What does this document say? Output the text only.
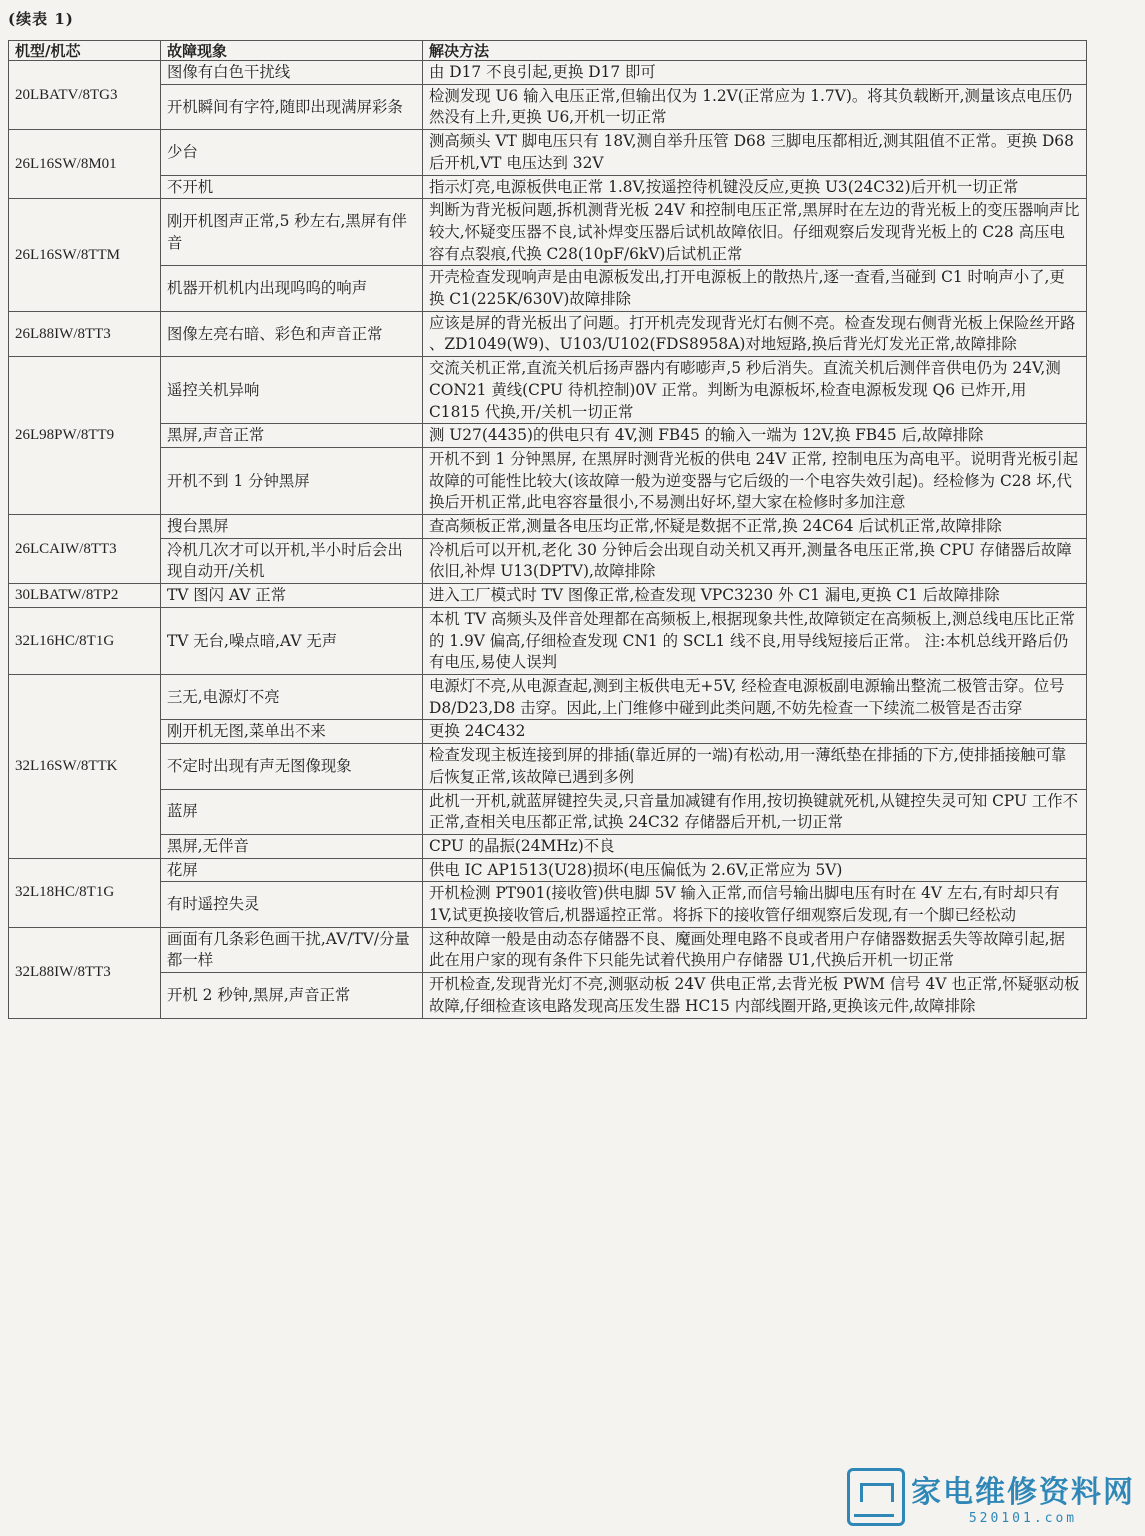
(续表 1)
机型/机芯	故障现象	解决方法
20LBATV/8TG3	图像有白色干扰线	由 D17 不良引起,更换 D17 即可
	开机瞬间有字符,随即出现满屏彩条	检测发现 U6 输入电压正常,但输出仅为 1.2V(正常应为 1.7V)。将其负载断开,测量该点电压仍然没有上升,更换 U6,开机一切正常
26L16SW/8M01	少台	测高频头 VT 脚电压只有 18V,测自举升压管 D68 三脚电压都相近,测其阻值不正常。更换 D68 后开机,VT 电压达到 32V
	不开机	指示灯亮,电源板供电正常 1.8V,按遥控待机键没反应,更换 U3(24C32)后开机一切正常
26L16SW/8TTM	刚开机图声正常,5 秒左右,黑屏有伴音	判断为背光板问题,拆机测背光板 24V 和控制电压正常,黑屏时在左边的背光板上的变压器响声比较大,怀疑变压器不良,试补焊变压器后试机故障依旧。仔细观察后发现背光板上的 C28 高压电容有点裂痕,代换 C28(10pF/6kV)后试机正常
	机器开机机内出现呜呜的响声	开壳检查发现响声是由电源板发出,打开电源板上的散热片,逐一查看,当碰到 C1 时响声小了,更换 C1(225K/630V)故障排除
26L88IW/8TT3	图像左亮右暗、彩色和声音正常	应该是屏的背光板出了问题。打开机壳发现背光灯右侧不亮。检查发现右侧背光板上保险丝开路 、ZD1049(W9)、U103/U102(FDS8958A)对地短路,换后背光灯发光正常,故障排除
26L98PW/8TT9	遥控关机异响	交流关机正常,直流关机后扬声器内有嘭嘭声,5 秒后消失。直流关机后测伴音供电仍为 24V,测 CON21 黄线(CPU 待机控制)0V 正常。判断为电源板坏,检查电源板发现 Q6 已炸开,用 C1815 代换,开/关机一切正常
	黑屏,声音正常	测 U27(4435)的供电只有 4V,测 FB45 的输入一端为 12V,换 FB45 后,故障排除
	开机不到 1 分钟黑屏	开机不到 1 分钟黑屏, 在黑屏时测背光板的供电 24V 正常, 控制电压为高电平。说明背光板引起故障的可能性比较大(该故障一般为逆变器与它后级的一个电容失效引起)。经检修为 C28 坏,代换后开机正常,此电容容量很小,不易测出好坏,望大家在检修时多加注意
26LCAIW/8TT3	搜台黑屏	查高频板正常,测量各电压均正常,怀疑是数据不正常,换 24C64 后试机正常,故障排除
	冷机几次才可以开机,半小时后会出现自动开/关机	冷机后可以开机,老化 30 分钟后会出现自动关机又再开,测量各电压正常,换 CPU 存储器后故障依旧,补焊 U13(DPTV),故障排除
30LBATW/8TP2	TV 图闪 AV 正常	进入工厂模式时 TV 图像正常,检查发现 VPC3230 外 C1 漏电,更换 C1 后故障排除
32L16HC/8T1G	TV 无台,噪点暗,AV 无声	本机 TV 高频头及伴音处理都在高频板上,根据现象共性,故障锁定在高频板上,测总线电压比正常的 1.9V 偏高,仔细检查发现 CN1 的 SCL1 线不良,用导线短接后正常。 注:本机总线开路后仍有电压,易使人误判
32L16SW/8TTK	三无,电源灯不亮	电源灯不亮,从电源查起,测到主板供电无+5V, 经检查电源板副电源输出整流二极管击穿。位号 D8/D23,D8 击穿。因此,上门维修中碰到此类问题,不妨先检查一下续流二极管是否击穿
	刚开机无图,菜单出不来	更换 24C432
	不定时出现有声无图像现象	检查发现主板连接到屏的排插(靠近屏的一端)有松动,用一薄纸垫在排插的下方,使排插接触可靠后恢复正常,该故障已遇到多例
	蓝屏	此机一开机,就蓝屏键控失灵,只音量加减键有作用,按切换键就死机,从键控失灵可知 CPU 工作不正常,查相关电压都正常,试换 24C32 存储器后开机,一切正常
	黑屏,无伴音	CPU 的晶振(24MHz)不良
32L18HC/8T1G	花屏	供电 IC AP1513(U28)损坏(电压偏低为 2.6V,正常应为 5V)
	有时遥控失灵	开机检测 PT901(接收管)供电脚 5V 输入正常,而信号输出脚电压有时在 4V 左右,有时却只有 1V,试更换接收管后,机器遥控正常。将拆下的接收管仔细观察后发现,有一个脚已经松动
32L88IW/8TT3	画面有几条彩色画干扰,AV/TV/分量都一样	这种故障一般是由动态存储器不良、魔画处理电路不良或者用户存储器数据丢失等故障引起,据此在用户家的现有条件下只能先试着代换用户存储器 U1,代换后开机一切正常
	开机 2 秒钟,黑屏,声音正常	开机检查,发现背光灯不亮,测驱动板 24V 供电正常,去背光板 PWM 信号 4V 也正常,怀疑驱动板故障,仔细检查该电路发现高压发生器 HC15 内部线圈开路,更换该元件,故障排除
家电维修资料网
520101.com
